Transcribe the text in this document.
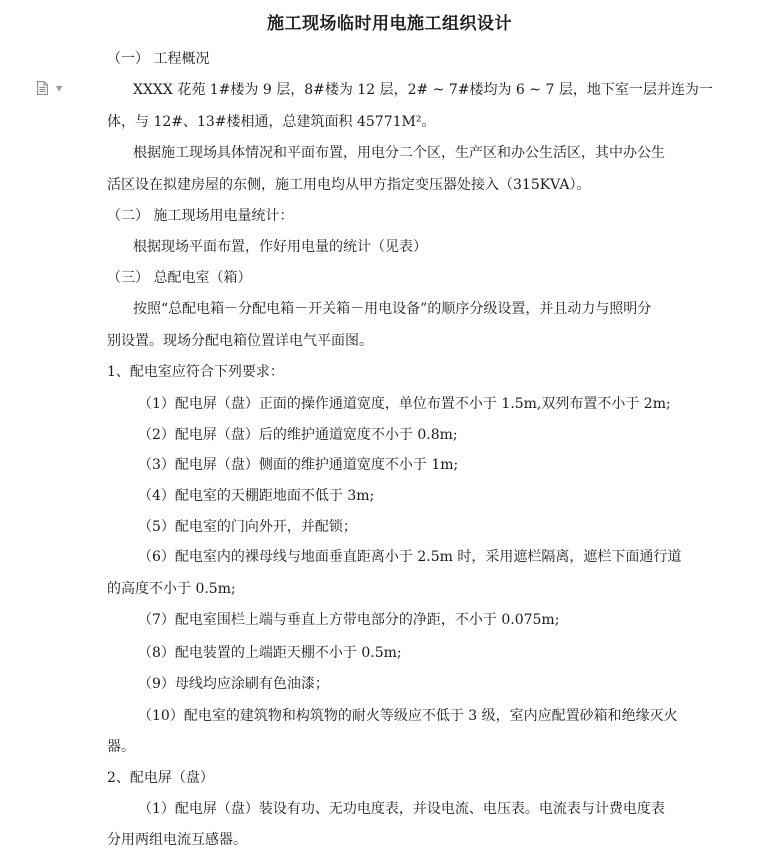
▼
施工现场临时用电施工组织设计
（一） 工程概况
XXXX 花苑 1#楼为 9 层，8#楼为 12 层，2# ~ 7#楼均为 6 ~ 7 层，地下室一层并连为一
体，与 12#、13#楼相通，总建筑面积 45771M²。
根据施工现场具体情况和平面布置，用电分二个区，生产区和办公生活区，其中办公生
活区设在拟建房屋的东侧，施工用电均从甲方指定变压器处接入（315KVA）。
（二） 施工现场用电量统计：
根据现场平面布置，作好用电量的统计（见表）
（三） 总配电室（箱）
按照“总配电箱－分配电箱－开关箱－用电设备”的顺序分级设置，并且动力与照明分
别设置。现场分配电箱位置详电气平面图。
1、配电室应符合下列要求：
（1）配电屏（盘）正面的操作通道宽度，单位布置不小于 1.5m,双列布置不小于 2m;
（2）配电屏（盘）后的维护通道宽度不小于 0.8m;
（3）配电屏（盘）侧面的维护通道宽度不小于 1m;
（4）配电室的天棚距地面不低于 3m;
（5）配电室的门向外开，并配锁；
（6）配电室内的裸母线与地面垂直距离小于 2.5m 时，采用遮栏隔离，遮栏下面通行道
的高度不小于 0.5m;
（7）配电室围栏上端与垂直上方带电部分的净距，不小于 0.075m;
（8）配电装置的上端距天棚不小于 0.5m;
（9）母线均应涂刷有色油漆；
（10）配电室的建筑物和构筑物的耐火等级应不低于 3 级，室内应配置砂箱和绝缘灭火
器。
2、配电屏（盘）
（1）配电屏（盘）装设有功、无功电度表，并设电流、电压表。电流表与计费电度表
分用两组电流互感器。
